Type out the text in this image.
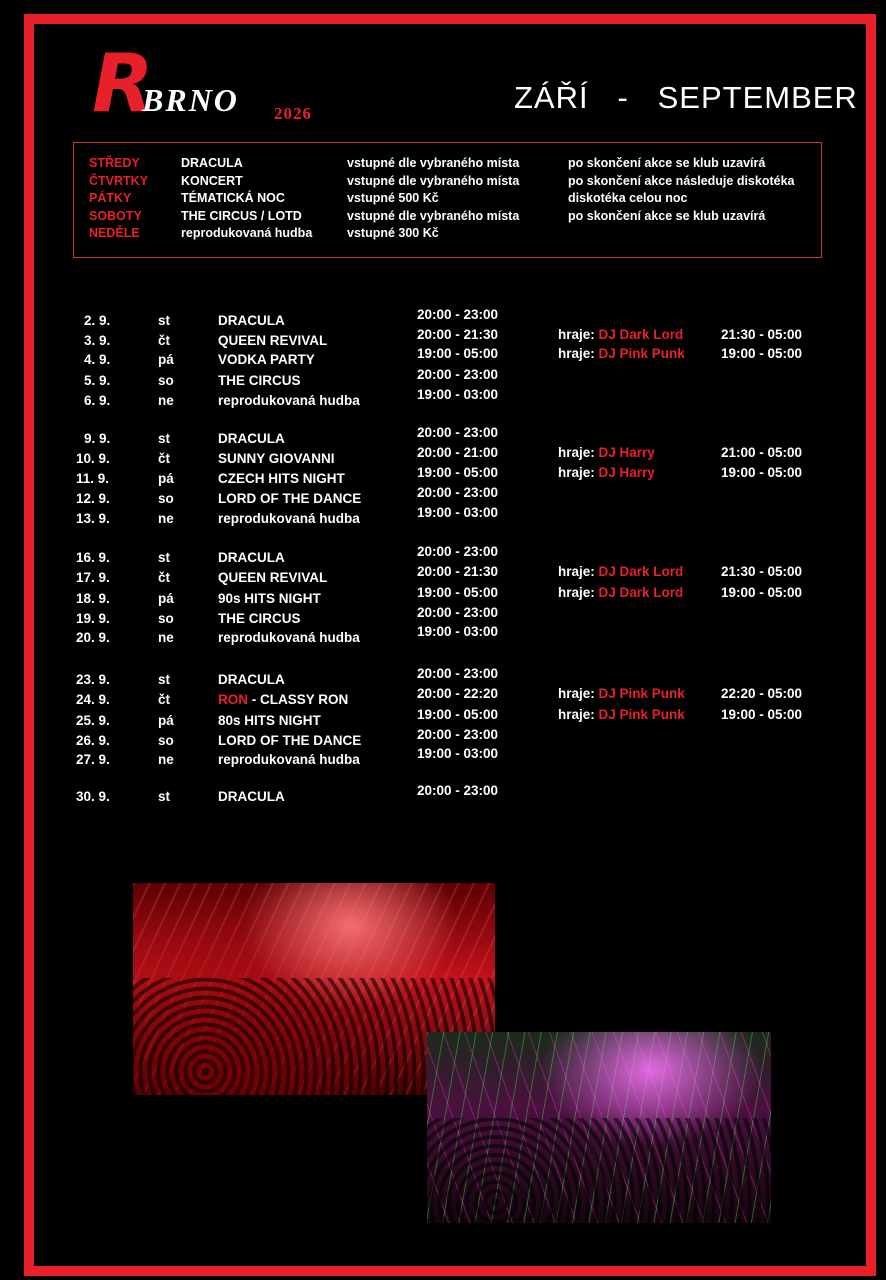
R
BRNO 2026	ZÁŘÍ   -   SEPTEMBER
STŘEDY	DRACULA	vstupné dle vybraného místa	po skončení akce se klub uzavírá
ČTVRTKY	KONCERT	vstupné dle vybraného místa	po skončení akce následuje diskotéka
PÁTKY	TÉMATICKÁ NOC	vstupné 500 Kč	diskotéka celou noc
SOBOTY	THE CIRCUS / LOTD	vstupné dle vybraného místa	po skončení akce se klub uzavírá
NEDĚLE	reprodukovaná hudba	vstupné 300 Kč
2. 9.	st	DRACULA	20:00 - 23:00
3. 9.	čt	QUEEN REVIVAL	20:00 - 21:30	hraje: DJ Dark Lord	21:30 - 05:00
4. 9.	pá	VODKA PARTY	19:00 - 05:00	hraje: DJ Pink Punk	19:00 - 05:00
5. 9.	so	THE CIRCUS	20:00 - 23:00
6. 9.	ne	reprodukovaná hudba	19:00 - 03:00
9. 9.	st	DRACULA	20:00 - 23:00
10. 9.	čt	SUNNY GIOVANNI	20:00 - 21:00	hraje: DJ Harry	21:00 - 05:00
11. 9.	pá	CZECH HITS NIGHT	19:00 - 05:00	hraje: DJ Harry	19:00 - 05:00
12. 9.	so	LORD OF THE DANCE	20:00 - 23:00
13. 9.	ne	reprodukovaná hudba	19:00 - 03:00
16. 9.	st	DRACULA	20:00 - 23:00
17. 9.	čt	QUEEN REVIVAL	20:00 - 21:30	hraje: DJ Dark Lord	21:30 - 05:00
18. 9.	pá	90s HITS NIGHT	19:00 - 05:00	hraje: DJ Dark Lord	19:00 - 05:00
19. 9.	so	THE CIRCUS	20:00 - 23:00
20. 9.	ne	reprodukovaná hudba	19:00 - 03:00
23. 9.	st	DRACULA	20:00 - 23:00
24. 9.	čt	RON - CLASSY RON	20:00 - 22:20	hraje: DJ Pink Punk	22:20 - 05:00
25. 9.	pá	80s HITS NIGHT	19:00 - 05:00	hraje: DJ Pink Punk	19:00 - 05:00
26. 9.	so	LORD OF THE DANCE	20:00 - 23:00
27. 9.	ne	reprodukovaná hudba	19:00 - 03:00
30. 9.	st	DRACULA	20:00 - 23:00
